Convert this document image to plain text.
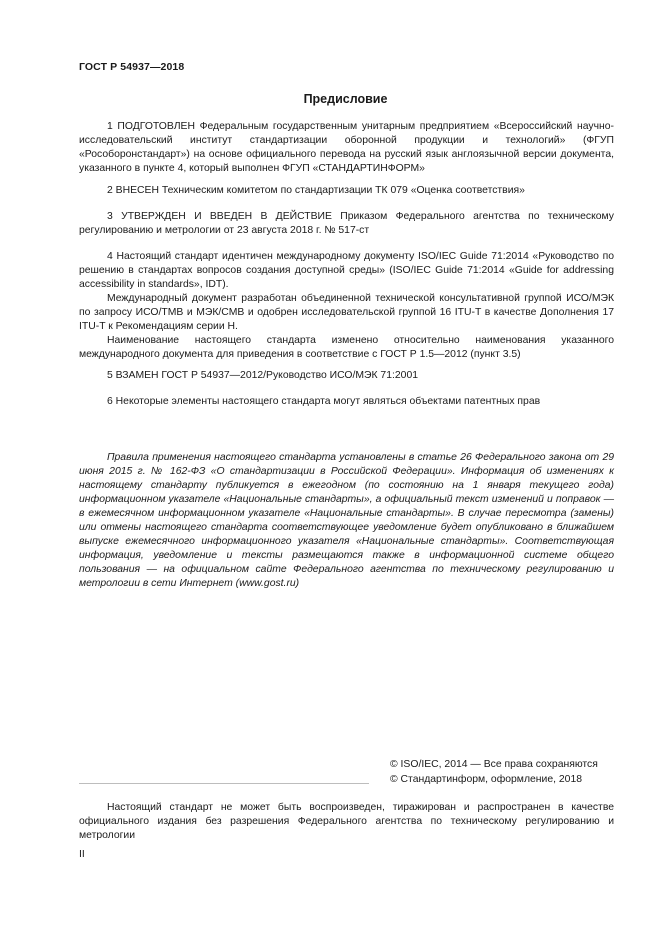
ГОСТ Р 54937—2018
Предисловие

1 ПОДГОТОВЛЕН Федеральным государственным унитарным предприятием «Всероссийский научно-исследовательский институт стандартизации оборонной продукции и технологий» (ФГУП «Рособоронстандарт») на основе официального перевода на русский язык англоязычной версии документа, указанного в пункте 4, который выполнен ФГУП «СТАНДАРТИНФОРМ»

2 ВНЕСЕН Техническим комитетом по стандартизации ТК 079 «Оценка соответствия»

3 УТВЕРЖДЕН И ВВЕДЕН В ДЕЙСТВИЕ Приказом Федерального агентства по техническому регулированию и метрологии от 23 августа 2018 г. № 517-ст

4 Настоящий стандарт идентичен международному документу ISO/IEC Guide 71:2014 «Руководство по решению в стандартах вопросов создания доступной среды» (ISO/IEC Guide 71:2014 «Guide for addressing accessibility in standards», IDT).

Международный документ разработан объединенной технической консультативной группой ИСО/МЭК по запросу ИСО/ТМВ и МЭК/СМВ и одобрен исследовательской группой 16 ITU-T в качестве Дополнения 17 ITU-T к Рекомендациям серии Н.

Наименование настоящего стандарта изменено относительно наименования указанного международного документа для приведения в соответствие с ГОСТ Р 1.5—2012 (пункт 3.5)

5 ВЗАМЕН ГОСТ Р 54937—2012/Руководство ИСО/МЭК 71:2001

6 Некоторые элементы настоящего стандарта могут являться объектами патентных прав

Правила применения настоящего стандарта установлены в статье 26 Федерального закона от 29 июня 2015 г. № 162-ФЗ «О стандартизации в Российской Федерации». Информация об изменениях к настоящему стандарту публикуется в ежегодном (по состоянию на 1 января текущего года) информационном указателе «Национальные стандарты», а официальный текст изменений и поправок — в ежемесячном информационном указателе «Национальные стандарты». В случае пересмотра (замены) или отмены настоящего стандарта соответствующее уведомление будет опубликовано в ближайшем выпуске ежемесячного информационного указателя «Национальные стандарты». Соответствующая информация, уведомление и тексты размещаются также в информационной системе общего пользования — на официальном сайте Федерального агентства по техническому регулированию и метрологии в сети Интернет (www.gost.ru)
© ISO/IEC, 2014 — Все права сохраняются
© Стандартинформ, оформление, 2018
Настоящий стандарт не может быть воспроизведен, тиражирован и распространен в качестве официального издания без разрешения Федерального агентства по техническому регулированию и метрологии
II
